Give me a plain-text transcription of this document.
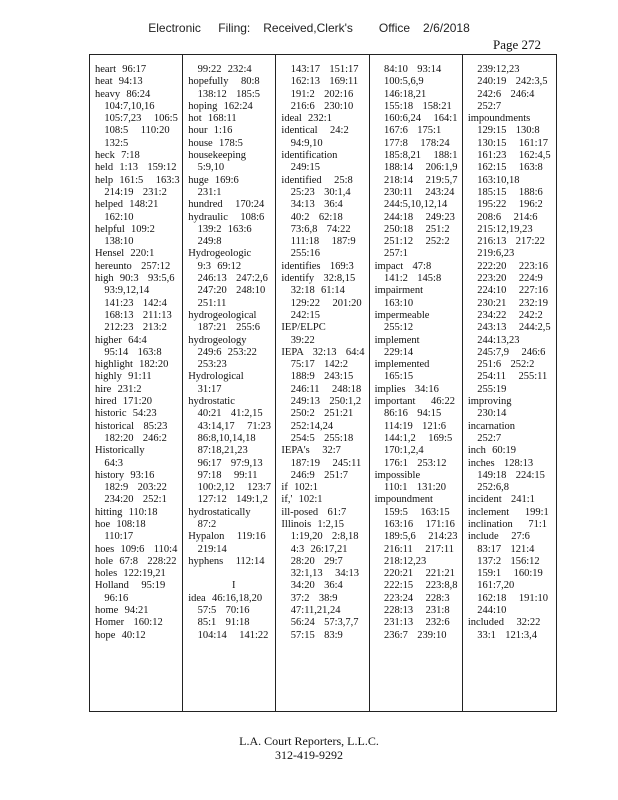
Electronic    Filing:   Received,Clerk's      Office   2/6/2018
Page 272
heart  96:17
heat  94:13
heavy  86:24
104:7,10,16
105:7,23    106:5
108:5    110:20
132:5
heck  7:18
held  1:13   159:12
help  161:5    163:3
214:19   231:2
helped  148:21
162:10
helpful  109:2
138:10
Hensel  220:1
hereunto   257:12
high  90:3   93:5,6
93:9,12,14
141:23   142:4
168:13   211:13
212:23   213:2
higher  64:4
95:14   163:8
highlight  182:20
highly  91:11
hire  231:2
hired  171:20
historic  54:23
historical   85:23
182:20   246:2
Historically
64:3
history  93:16
182:9   203:22
234:20   252:1
hitting  110:18
hoe  108:18
110:17
hoes  109:6   110:4
hole  67:8   228:22
holes  122:19,21
Holland    95:19
96:16
home  94:21
Homer   160:12
hope  40:12
99:22  232:4
hopefully    80:8
138:12   185:5
hoping  162:24
hot  168:11
hour  1:16
house  178:5
housekeeping
5:9,10
huge  169:6
231:1
hundred    170:24
hydraulic    108:6
139:2  163:6
249:8
Hydrogeologic
9:3  69:12
246:13   247:2,6
247:20   248:10
251:11
hydrogeological
187:21   255:6
hydrogeology
249:6  253:22
253:23
Hydrological
31:17
hydrostatic
40:21   41:2,15
43:14,17    71:23
86:8,10,14,18
87:18,21,23
96:17   97:9,13
97:18    99:11
100:2,12    123:7
127:12   149:1,2
hydrostatically
87:2
Hypalon    119:16
219:14
hyphens    112:14

I
idea  46:16,18,20
57:5   70:16
85:1   91:18
104:14    141:22
143:17   151:17
162:13   169:11
191:2   202:16
216:6   230:10
ideal  232:1
identical    24:2
94:9,10
identification
249:15
identified    25:8
25:23   30:1,4
34:13   36:4
40:2   62:18
73:6,8   74:22
111:18    187:9
255:16
identifies   169:3
identify   32:8,15
32:18  61:14
129:22    201:20
242:15
IEP/ELPC
39:22
IEPA   32:13   64:4
75:17   142:2
188:9   243:15
246:11    248:18
249:13   250:1,2
250:2   251:21
252:14,24
254:5   255:18
IEPA's    32:7
187:19    245:11
246:9   251:7
if  102:1
if,'  102:1
ill-posed   61:7
Illinois  1:2,15
1:19,20   2:8,18
4:3  26:17,21
28:20   29:7
32:1,13    34:13
34:20   36:4
37:2   38:9
47:11,21,24
56:24   57:3,7,7
57:15   83:9
84:10   93:14
100:5,6,9
146:18,21
155:18   158:21
160:6,24    164:1
167:6   175:1
177:8    178:24
185:8,21    188:1
188:14    206:1,9
218:14    219:5,7
230:11    243:24
244:5,10,12,14
244:18    249:23
250:18    251:2
251:12    252:2
257:1
impact   47:8
141:2   145:8
impairment
163:10
impermeable
255:12
implement
229:14
implemented
165:15
implies   34:16
important     46:22
86:16   94:15
114:19   121:6
144:1,2    169:5
170:1,2,4
176:1   253:12
impossible
110:1   131:20
impoundment
159:5    163:15
163:16    171:16
189:5,6    214:23
216:11    217:11
218:12,23
220:21    221:21
222:15    223:8,8
223:24    228:3
228:13    231:8
231:13    232:6
236:7   239:10
239:12,23
240:19   242:3,5
242:6   246:4
252:7
impoundments
129:15   130:8
130:15    161:17
161:23    162:4,5
162:15    163:8
163:10,18
185:15    188:6
195:22    196:2
208:6    214:6
215:12,19,23
216:13   217:22
219:6,23
222:20    223:16
223:20    224:9
224:10    227:16
230:21    232:19
234:22    242:2
243:13    244:2,5
244:13,23
245:7,9    246:6
251:6   252:2
254:11    255:11
255:19
improving
230:14
incarnation
252:7
inch  60:19
inches   128:13
149:18   224:15
252:6,8
incident   241:1
inclement     199:1
inclination     71:1
include    27:6
83:17   121:4
137:2   156:12
159:1    160:19
161:7,20
162:18    191:10
244:10
included    32:22
33:1   121:3,4
L.A. Court Reporters, L.L.C.
312-419-9292
